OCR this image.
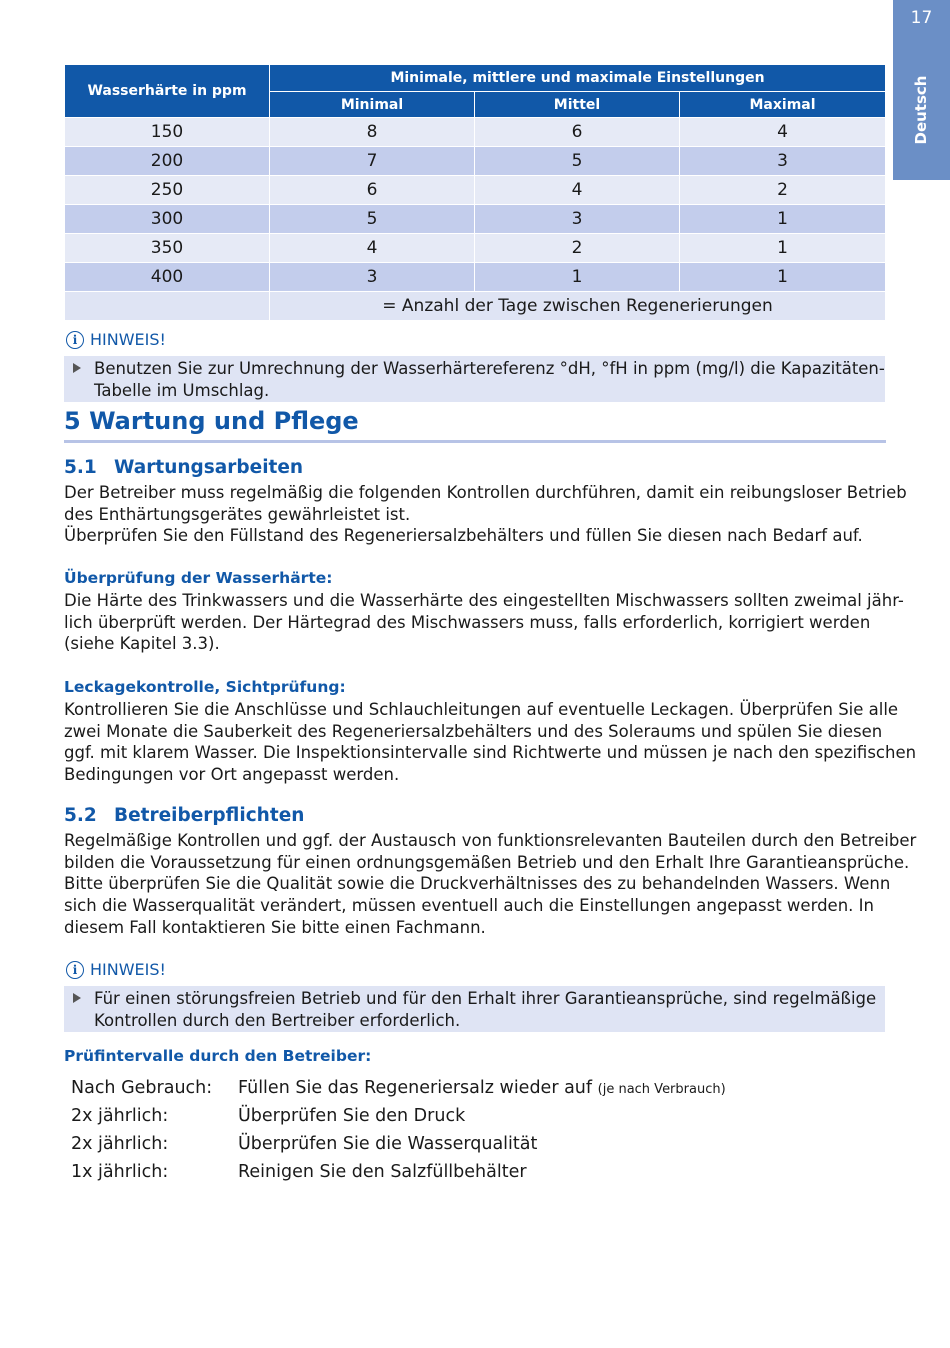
17
Deutsch
Wasserhärte in ppm	Minimale, mittlere und maximale Einstellungen		
	Minimal	Mittel	Maximal
150	8	6	4
200	7	5	3
250	6	4	2
300	5	3	1
350	4	2	1
400	3	1	1
	= Anzahl der Tage zwischen Regenerierungen		
i HINWEIS!
Benutzen Sie zur Umrechnung der Wasserhärtereferenz °dH, °fH in ppm (mg/l) die Kapazitäten-
Tabelle im Umschlag.
5 Wartung und Pflege
5.1 Wartungsarbeiten
Der Betreiber muss regelmäßig die folgenden Kontrollen durchführen, damit ein reibungsloser Betrieb
des Enthärtungsgerätes gewährleistet ist.
Überprüfen Sie den Füllstand des Regeneriersalzbehälters und füllen Sie diesen nach Bedarf auf.
Überprüfung der Wasserhärte:
Die Härte des Trinkwassers und die Wasserhärte des eingestellten Mischwassers sollten zweimal jähr-
lich überprüft werden. Der Härtegrad des Mischwassers muss, falls erforderlich, korrigiert werden
(siehe Kapitel 3.3).
Leckagekontrolle, Sichtprüfung:
Kontrollieren Sie die Anschlüsse und Schlauchleitungen auf eventuelle Leckagen. Überprüfen Sie alle
zwei Monate die Sauberkeit des Regeneriersalzbehälters und des Soleraums und spülen Sie diesen
ggf. mit klarem Wasser. Die Inspektionsintervalle sind Richtwerte und müssen je nach den spezifischen
Bedingungen vor Ort angepasst werden.
5.2 Betreiberpflichten
Regelmäßige Kontrollen und ggf. der Austausch von funktionsrelevanten Bauteilen durch den Betreiber
bilden die Voraussetzung für einen ordnungsgemäßen Betrieb und den Erhalt Ihre Garantieansprüche.
Bitte überprüfen Sie die Qualität sowie die Druckverhältnisses des zu behandelnden Wassers. Wenn
sich die Wasserqualität verändert, müssen eventuell auch die Einstellungen angepasst werden. In
diesem Fall kontaktieren Sie bitte einen Fachmann.
i HINWEIS!
Für einen störungsfreien Betrieb und für den Erhalt ihrer Garantieansprüche, sind regelmäßige
Kontrollen durch den Bertreiber erforderlich.
Prüfintervalle durch den Betreiber:
Nach Gebrauch: Füllen Sie das Regeneriersalz wieder auf (je nach Verbrauch)
2x jährlich:	Überprüfen Sie den Druck
2x jährlich:	Überprüfen Sie die Wasserqualität
1x jährlich:	Reinigen Sie den Salzfüllbehälter
